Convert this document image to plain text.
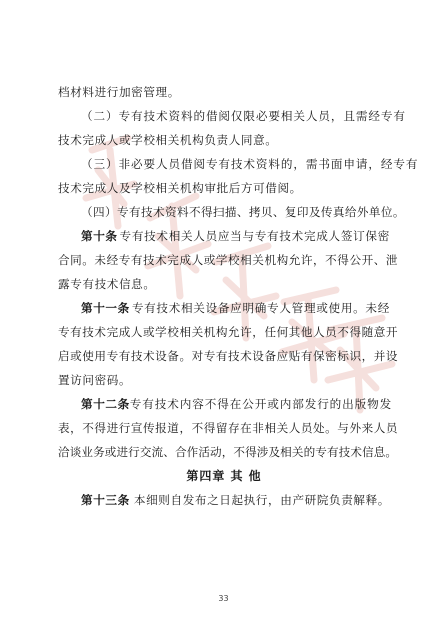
档材料进行加密管理。
（二）专有技术资料的借阅仅限必要相关人员，且需经专有
技术完成人或学校相关机构负责人同意。
（三）非必要人员借阅专有技术资料的，需书面申请，经专有
技术完成人及学校相关机构审批后方可借阅。
（四）专有技术资料不得扫描、拷贝、复印及传真给外单位。
第十条 专有技术相关人员应当与专有技术完成人签订保密
合同。未经专有技术完成人或学校相关机构允许，不得公开、泄
露专有技术信息。
第十一条 专有技术相关设备应明确专人管理或使用。未经
专有技术完成人或学校相关机构允许，任何其他人员不得随意开
启或使用专有技术设备。对专有技术设备应贴有保密标识，并设
置访问密码。
第十二条 专有技术内容不得在公开或内部发行的出版物发
表，不得进行宣传报道，不得留存在非相关人员处。与外来人员
洽谈业务或进行交流、合作活动，不得涉及相关的专有技术信息。
第四章 其 他
第十三条 本细则自发布之日起执行，由产研院负责解释。
33
